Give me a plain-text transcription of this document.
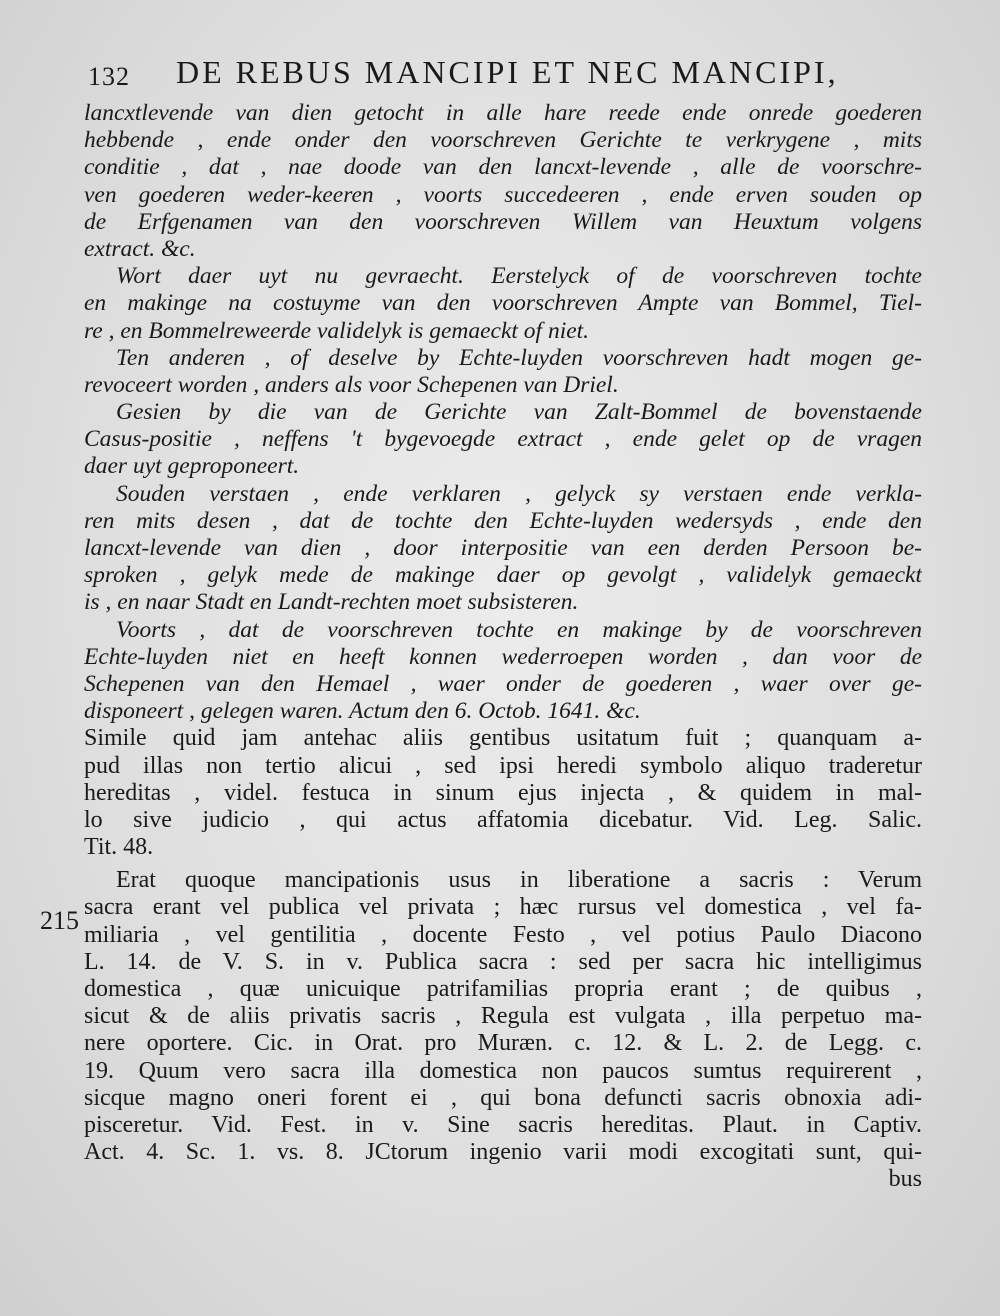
132 DE REBUS MANCIPI ET NEC MANCIPI,
215
lancxtlevende van dien getocht in alle hare reede ende onrede goederen
hebbende , ende onder den voorschreven Gerichte te verkrygene , mits
conditie , dat , nae doode van den lancxt-levende , alle de voorschre-
ven goederen weder-keeren , voorts succedeeren , ende erven souden op
de Erfgenamen van den voorschreven Willem van Heuxtum volgens
extract. &c.
Wort daer uyt nu gevraecht. Eerstelyck of de voorschreven tochte
en makinge na costuyme van den voorschreven Ampte van Bommel, Tiel-
re , en Bommelreweerde validelyk is gemaeckt of niet.
Ten anderen , of deselve by Echte-luyden voorschreven hadt mogen ge-
revoceert worden , anders als voor Schepenen van Driel.
Gesien by die van de Gerichte van Zalt-Bommel de bovenstaende
Casus-positie , neffens 't bygevoegde extract , ende gelet op de vragen
daer uyt geproponeert.
Souden verstaen , ende verklaren , gelyck sy verstaen ende verkla-
ren mits desen , dat de tochte den Echte-luyden wedersyds , ende den
lancxt-levende van dien , door interpositie van een derden Persoon be-
sproken , gelyk mede de makinge daer op gevolgt , validelyk gemaeckt
is , en naar Stadt en Landt-rechten moet subsisteren.
Voorts , dat de voorschreven tochte en makinge by de voorschreven
Echte-luyden niet en heeft konnen wederroepen worden , dan voor de
Schepenen van den Hemael , waer onder de goederen , waer over ge-
disponeert , gelegen waren. Actum den 6. Octob. 1641. &c.
Simile quid jam antehac aliis gentibus usitatum fuit ; quanquam a-
pud illas non tertio alicui , sed ipsi heredi symbolo aliquo traderetur
hereditas , videl. festuca in sinum ejus injecta , & quidem in mal-
lo sive judicio , qui actus affatomia dicebatur. Vid. Leg. Salic.
Tit. 48.
Erat quoque mancipationis usus in liberatione a sacris : Verum
sacra erant vel publica vel privata ; hæc rursus vel domestica , vel fa-
miliaria , vel gentilitia , docente Festo , vel potius Paulo Diacono
L. 14. de V. S. in v. Publica sacra : sed per sacra hic intelligimus
domestica , quæ unicuique patrifamilias propria erant ; de quibus ,
sicut & de aliis privatis sacris , Regula est vulgata , illa perpetuo ma-
nere oportere. Cic. in Orat. pro Muræn. c. 12. & L. 2. de Legg. c.
19. Quum vero sacra illa domestica non paucos sumtus requirerent ,
sicque magno oneri forent ei , qui bona defuncti sacris obnoxia adi-
pisceretur. Vid. Fest. in v. Sine sacris hereditas. Plaut. in Captiv.
Act. 4. Sc. 1. vs. 8. JCtorum ingenio varii modi excogitati sunt, qui-
bus
